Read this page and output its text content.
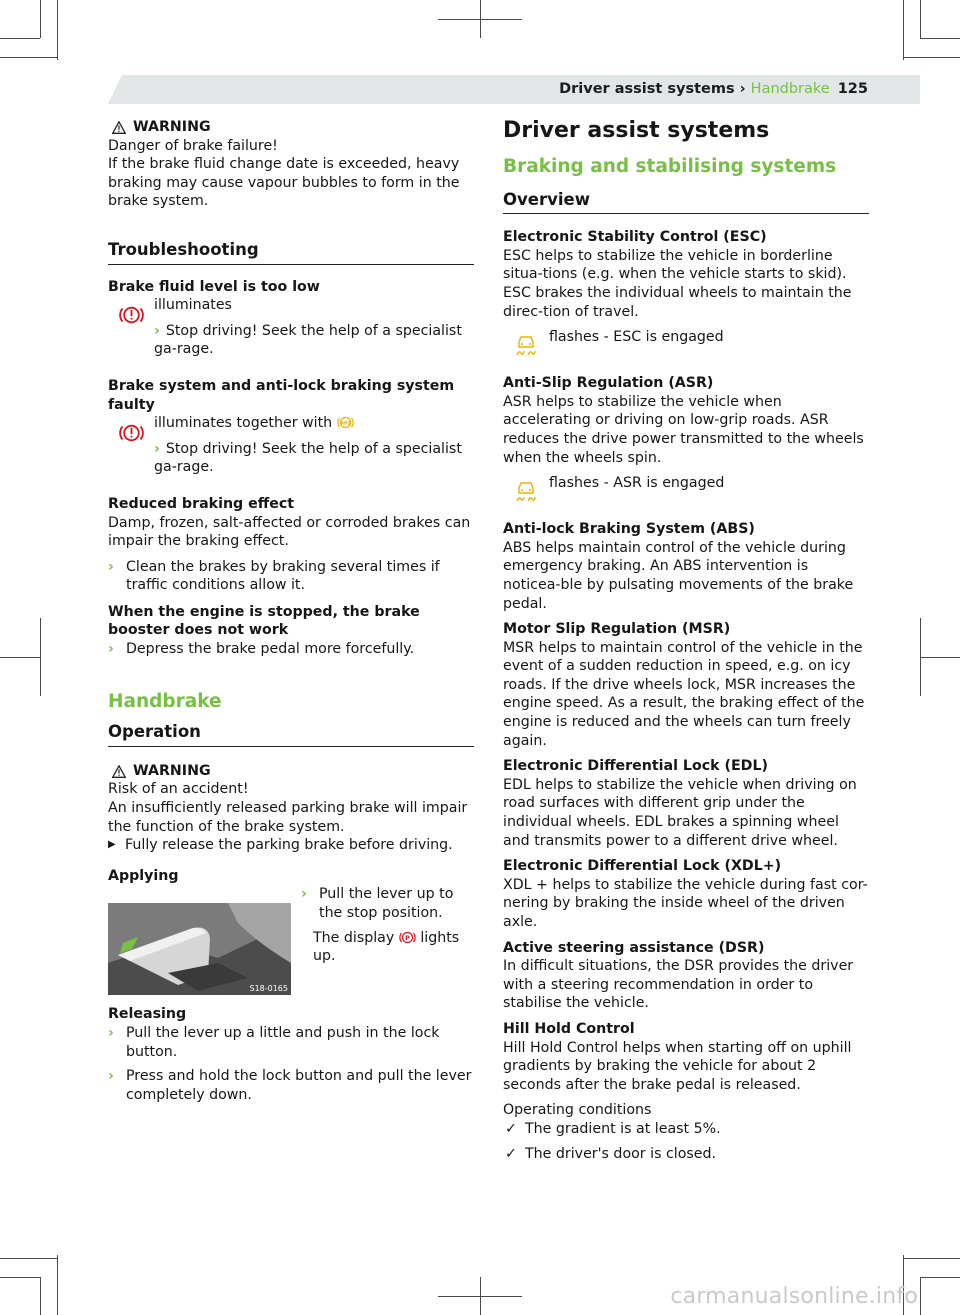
Driver assist systems › Handbrake 125
WARNING
Danger of brake failure!
If the brake fluid change date is exceeded, heavy braking may cause vapour bubbles to form in the brake system.
Troubleshooting
Brake fluid level is too low
illuminates
› Stop driving! Seek the help of a specialist ga-rage.
Brake system and anti-lock braking system faulty
illuminates together with ABS
› Stop driving! Seek the help of a specialist ga-rage.
Reduced braking effect
Damp, frozen, salt-affected or corroded brakes can impair the braking effect.
› Clean the brakes by braking several times if traffic conditions allow it.
When the engine is stopped, the brake booster does not work
› Depress the brake pedal more forcefully.
Handbrake
Operation
WARNING
Risk of an accident!
An insufficiently released parking brake will impair the function of the brake system.
▶ Fully release the parking brake before driving.
Applying
S18-0165
› Pull the lever up to the stop position.
The display P lights up.
Releasing
› Pull the lever up a little and push in the lock button.
› Press and hold the lock button and pull the lever completely down.
Driver assist systems
Braking and stabilising systems
Overview
Electronic Stability Control (ESC)
ESC helps to stabilize the vehicle in borderline situa-tions (e.g. when the vehicle starts to skid). ESC brakes the individual wheels to maintain the direc-tion of travel.
flashes - ESC is engaged
Anti-Slip Regulation (ASR)
ASR helps to stabilize the vehicle when accelerating or driving on low-grip roads. ASR reduces the drive power transmitted to the wheels when the wheels spin.
flashes - ASR is engaged
Anti-lock Braking System (ABS)
ABS helps maintain control of the vehicle during emergency braking. An ABS intervention is noticea-ble by pulsating movements of the brake pedal.
Motor Slip Regulation (MSR)
MSR helps to maintain control of the vehicle in the event of a sudden reduction in speed, e.g. on icy roads. If the drive wheels lock, MSR increases the engine speed. As a result, the braking effect of the engine is reduced and the wheels can turn freely again.
Electronic Differential Lock (EDL)
EDL helps to stabilize the vehicle when driving on road surfaces with different grip under the individual wheels. EDL brakes a spinning wheel and transmits power to a different drive wheel.
Electronic Differential Lock (XDL+)
XDL + helps to stabilize the vehicle during fast cor-nering by braking the inside wheel of the driven axle.
Active steering assistance (DSR)
In difficult situations, the DSR provides the driver with a steering recommendation in order to stabilise the vehicle.
Hill Hold Control
Hill Hold Control helps when starting off on uphill gradients by braking the vehicle for about 2 seconds after the brake pedal is released.
Operating conditions
✓ The gradient is at least 5%.
✓ The driver's door is closed.
carmanualsonline.info
